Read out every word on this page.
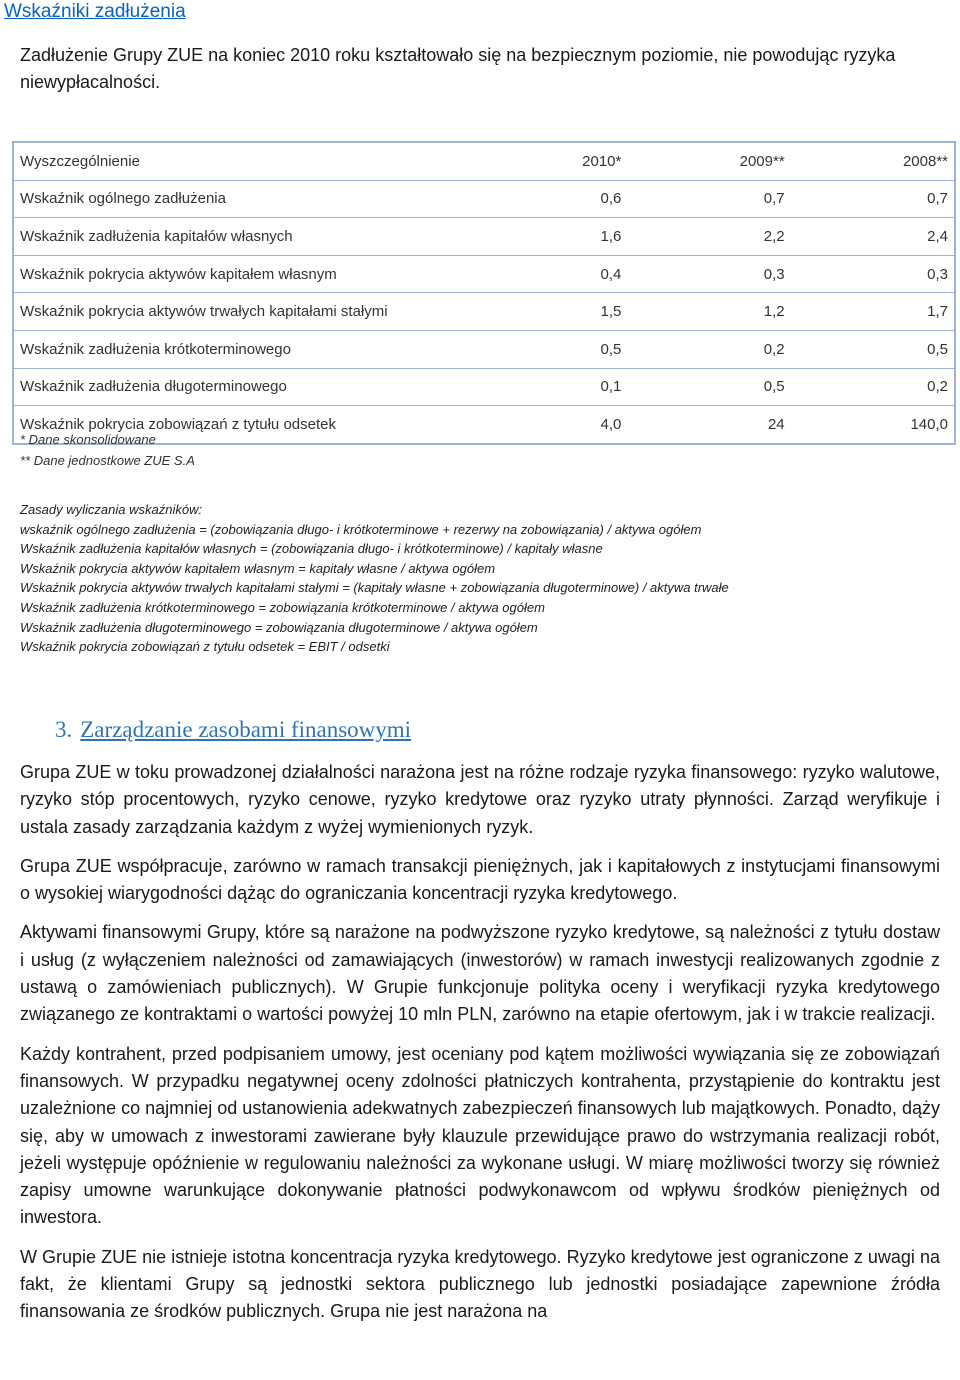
Wskaźniki zadłużenia
Zadłużenie Grupy ZUE na koniec 2010 roku kształtowało się na bezpiecznym poziomie, nie powodując ryzyka niewypłacalności.
Wyszczególnienie	2010*	2009**	2008**
Wskaźnik ogólnego zadłużenia	0,6	0,7	0,7
Wskaźnik zadłużenia kapitałów własnych	1,6	2,2	2,4
Wskaźnik pokrycia aktywów kapitałem własnym	0,4	0,3	0,3
Wskaźnik pokrycia aktywów trwałych kapitałami stałymi	1,5	1,2	1,7
Wskaźnik zadłużenia krótkoterminowego	0,5	0,2	0,5
Wskaźnik zadłużenia długoterminowego	0,1	0,5	0,2
Wskaźnik pokrycia zobowiązań z tytułu odsetek	4,0	24	140,0
* Dane skonsolidowane
** Dane jednostkowe ZUE S.A
Zasady wyliczania wskaźników:
wskaźnik ogólnego zadłużenia = (zobowiązania długo- i krótkoterminowe + rezerwy na zobowiązania) / aktywa ogółem
Wskaźnik zadłużenia kapitałów własnych = (zobowiązania długo- i krótkoterminowe) / kapitały własne
Wskaźnik pokrycia aktywów kapitałem własnym = kapitały własne / aktywa ogółem
Wskaźnik pokrycia aktywów trwałych kapitałami stałymi = (kapitały własne + zobowiązania długoterminowe) / aktywa trwałe
Wskaźnik zadłużenia krótkoterminowego = zobowiązania krótkoterminowe / aktywa ogółem
Wskaźnik zadłużenia długoterminowego = zobowiązania długoterminowe / aktywa ogółem
Wskaźnik pokrycia zobowiązań z tytułu odsetek = EBIT / odsetki
3. Zarządzanie zasobami finansowymi

Grupa ZUE w toku prowadzonej działalności narażona jest na różne rodzaje ryzyka finansowego: ryzyko walutowe, ryzyko stóp procentowych, ryzyko cenowe, ryzyko kredytowe oraz ryzyko utraty płynności. Zarząd weryfikuje i ustala zasady zarządzania każdym z wyżej wymienionych ryzyk.

Grupa ZUE współpracuje, zarówno w ramach transakcji pieniężnych, jak i kapitałowych z instytucjami finansowymi o wysokiej wiarygodności dążąc do ograniczania koncentracji ryzyka kredytowego.

Aktywami finansowymi Grupy, które są narażone na podwyższone ryzyko kredytowe, są należności z tytułu dostaw i usług (z wyłączeniem należności od zamawiających (inwestorów) w ramach inwestycji realizowanych zgodnie z ustawą o zamówieniach publicznych). W Grupie funkcjonuje polityka oceny i weryfikacji ryzyka kredytowego związanego ze kontraktami o wartości powyżej 10 mln PLN, zarówno na etapie ofertowym, jak i w trakcie realizacji.

Każdy kontrahent, przed podpisaniem umowy, jest oceniany pod kątem możliwości wywiązania się ze zobowiązań finansowych. W przypadku negatywnej oceny zdolności płatniczych kontrahenta, przystąpienie do kontraktu jest uzależnione co najmniej od ustanowienia adekwatnych zabezpieczeń finansowych lub majątkowych. Ponadto, dąży się, aby w umowach z inwestorami zawierane były klauzule przewidujące prawo do wstrzymania realizacji robót, jeżeli występuje opóźnienie w regulowaniu należności za wykonane usługi. W miarę możliwości tworzy się również zapisy umowne warunkujące dokonywanie płatności podwykonawcom od wpływu środków pieniężnych od inwestora.

W Grupie ZUE nie istnieje istotna koncentracja ryzyka kredytowego. Ryzyko kredytowe jest ograniczone z uwagi na fakt, że klientami Grupy są jednostki sektora publicznego lub jednostki posiadające zapewnione źródła finansowania ze środków publicznych. Grupa nie jest narażona na
